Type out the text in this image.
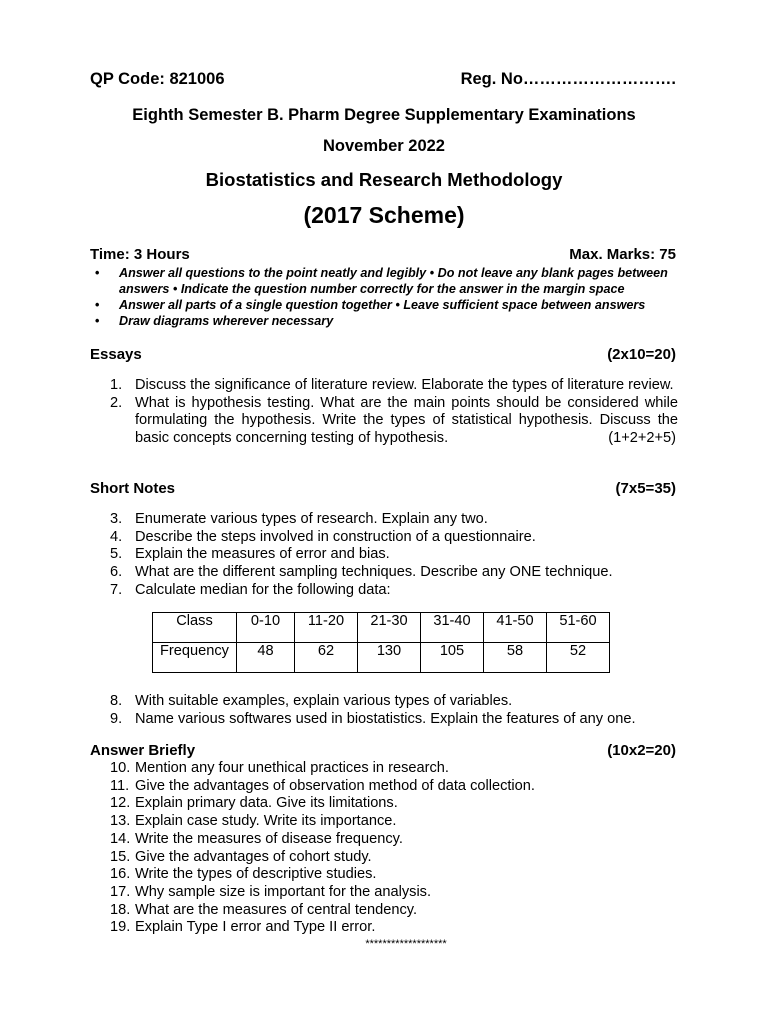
QP Code: 821006	Reg. No……………………….
Eighth Semester B. Pharm Degree Supplementary Examinations
November 2022
Biostatistics and Research Methodology
(2017 Scheme)
Time: 3 Hours	Max. Marks: 75
• Answer all questions to the point neatly and legibly • Do not leave any blank pages between answers • Indicate the question number correctly for the answer in the margin space
• Answer all parts of a single question together • Leave sufficient space between answers
• Draw diagrams wherever necessary
Essays	(2x10=20)
1. Discuss the significance of literature review. Elaborate the types of literature review.
2. What is hypothesis testing. What are the main points should be considered while formulating the hypothesis. Write the types of statistical hypothesis. Discuss the basic concepts concerning testing of hypothesis.	(1+2+2+5)
Short Notes	(7x5=35)
3. Enumerate various types of research. Explain any two.
4. Describe the steps involved in construction of a questionnaire.
5. Explain the measures of error and bias.
6. What are the different sampling techniques. Describe any ONE technique.
7. Calculate median for the following data:
Class	0-10	11-20	21-30	31-40	41-50	51-60
Frequency	48	62	130	105	58	52
8. With suitable examples, explain various types of variables.
9. Name various softwares used in biostatistics. Explain the features of any one.
Answer Briefly	(10x2=20)
10. Mention any four unethical practices in research.
11. Give the advantages of observation method of data collection.
12. Explain primary data. Give its limitations.
13. Explain case study. Write its importance.
14. Write the measures of disease frequency.
15. Give the advantages of cohort study.
16. Write the types of descriptive studies.
17. Why sample size is important for the analysis.
18. What are the measures of central tendency.
19. Explain Type I error and Type II error.
*******************
